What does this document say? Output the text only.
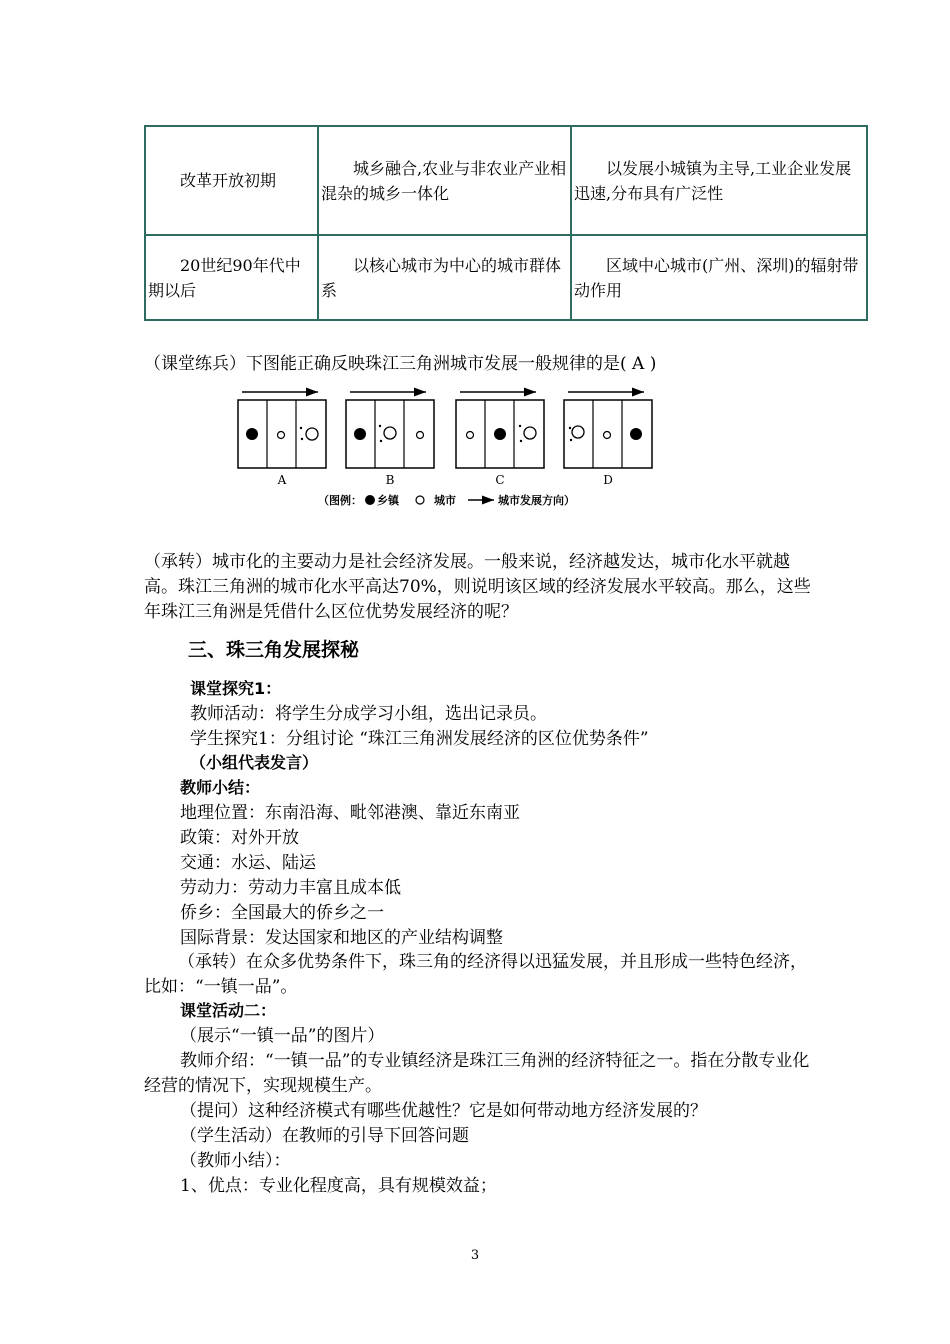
改革开放初期	城乡融合,农业与非农业产业相混杂的城乡一体化	以发展小城镇为主导,工业企业发展迅速,分布具有广泛性

20世纪90年代中期以后	以核心城市为中心的城市群体系	区域中心城市(广州、深圳)的辐射带动作用
（课堂练兵）下图能正确反映珠江三角洲城市发展一般规律的是( A )
A	B	C	D
（图例： 乡镇	城市	城市发展方向）
（承转）城市化的主要动力是社会经济发展。一般来说，经济越发达，城市化水平就越高。珠江三角洲的城市化水平高达70%，则说明该区域的经济发展水平较高。那么，这些年珠江三角洲是凭借什么区位优势发展经济的呢？
三、珠三角发展探秘
课堂探究1：
教师活动：将学生分成学习小组，选出记录员。
学生探究1：分组讨论 “珠江三角洲发展经济的区位优势条件”
（小组代表发言）
教师小结：
地理位置：东南沿海、毗邻港澳、靠近东南亚
政策：对外开放
交通：水运、陆运
劳动力：劳动力丰富且成本低
侨乡：全国最大的侨乡之一
国际背景：发达国家和地区的产业结构调整
（承转）在众多优势条件下，珠三角的经济得以迅猛发展，并且形成一些特色经济，比如：“一镇一品”。
课堂活动二：
（展示“一镇一品”的图片）
教师介绍：“一镇一品”的专业镇经济是珠江三角洲的经济特征之一。指在分散专业化经营的情况下，实现规模生产。
（提问）这种经济模式有哪些优越性？它是如何带动地方经济发展的？
（学生活动）在教师的引导下回答问题
（教师小结）：
1、优点：专业化程度高，具有规模效益；
3
